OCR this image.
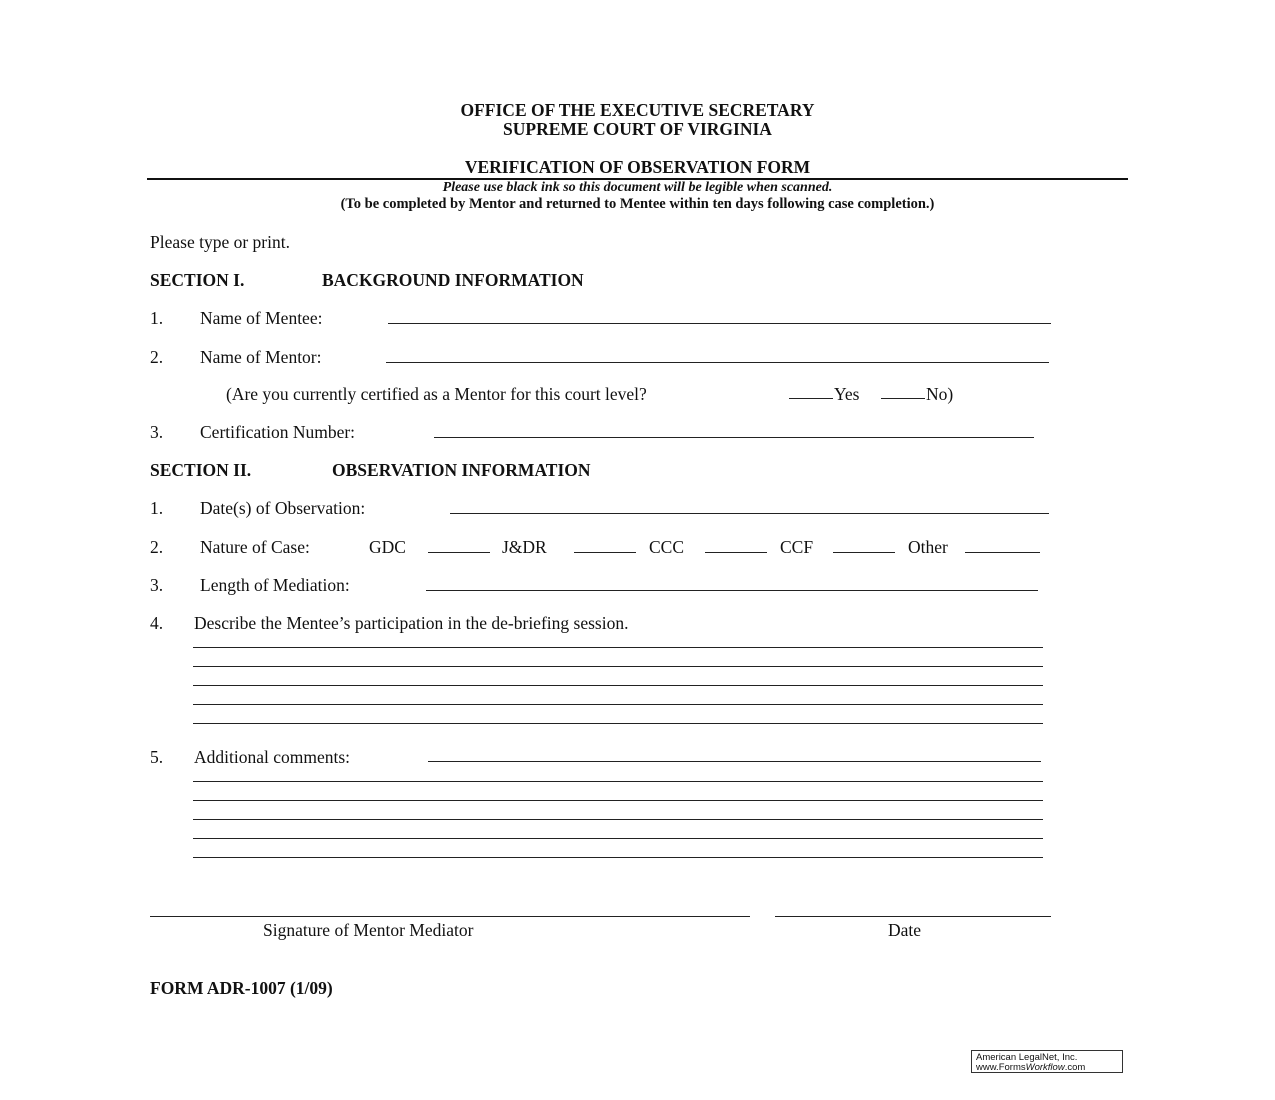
OFFICE OF THE EXECUTIVE SECRETARY
SUPREME COURT OF VIRGINIA
VERIFICATION OF OBSERVATION FORM
Please use black ink so this document will be legible when scanned.
(To be completed by Mentor and returned to Mentee within ten days following case completion.)
Please type or print.
SECTION I.	BACKGROUND INFORMATION
1. Name of Mentee:
2. Name of Mentor:
(Are you currently certified as a Mentor for this court level?	Yes	No)
3. Certification Number:
SECTION II.	OBSERVATION INFORMATION
1. Date(s) of Observation:
2. Nature of Case:	GDC	J&DR	CCC	CCF	Other
3. Length of Mediation:
4. Describe the Mentee’s participation in the de-briefing session.
5. Additional comments:
Signature of Mentor Mediator	Date
FORM ADR-1007 (1/09)
American LegalNet, Inc.
www.FormsWorkflow.com
